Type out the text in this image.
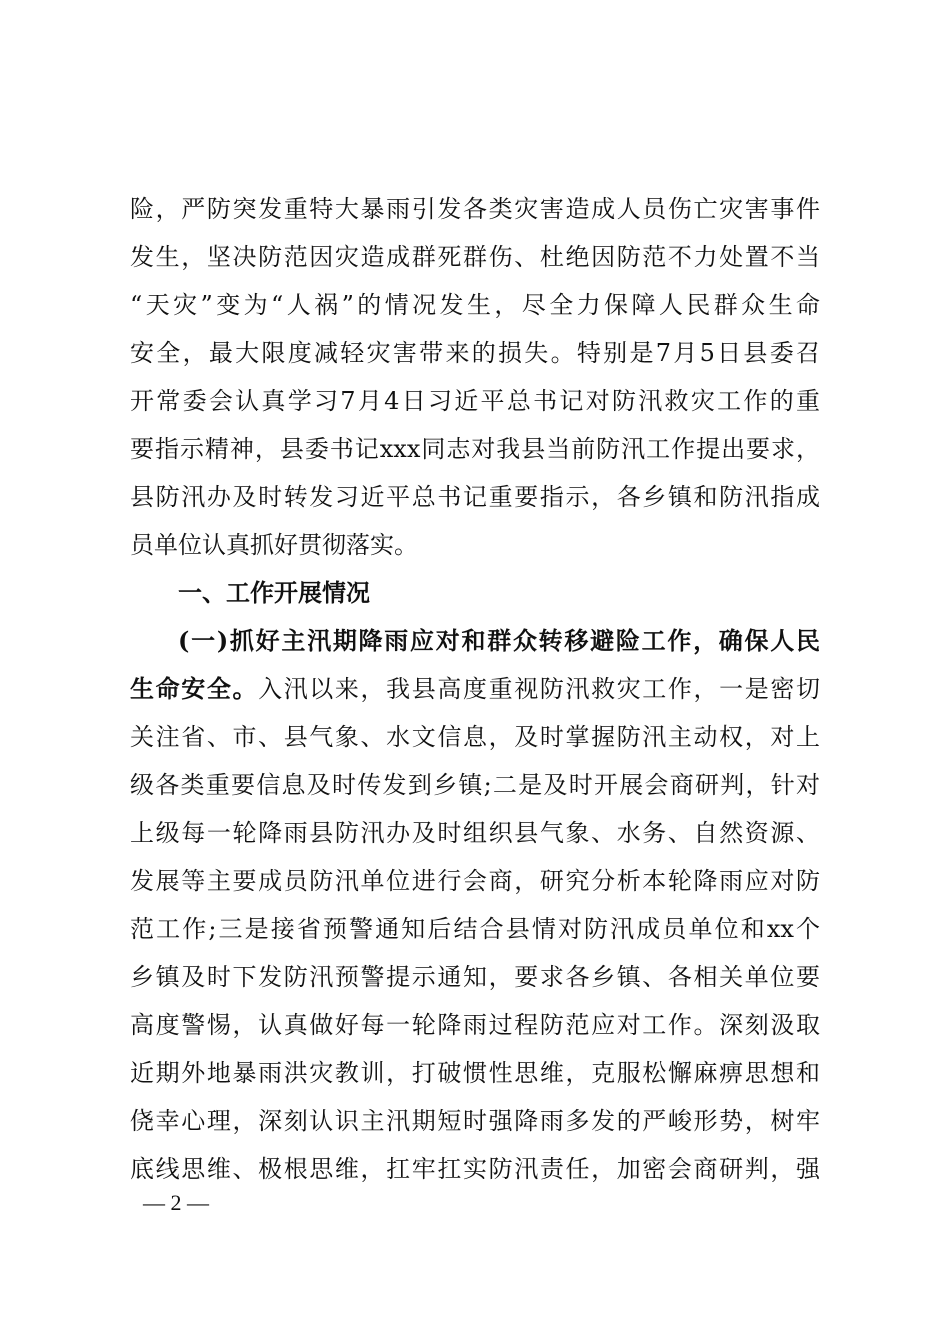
险，严防突发重特大暴雨引发各类灾害造成人员伤亡灾害事件
发生，坚决防范因灾造成群死群伤、杜绝因防范不力处置不当
“天灾”变为“人祸”的情况发生，尽全力保障人民群众生命
安全，最大限度减轻灾害带来的损失。特别是7月5日县委召
开常委会认真学习7月4日习近平总书记对防汛救灾工作的重
要指示精神，县委书记xxx同志对我县当前防汛工作提出要求，
县防汛办及时转发习近平总书记重要指示，各乡镇和防汛指成
员单位认真抓好贯彻落实。
一、工作开展情况
(一)抓好主汛期降雨应对和群众转移避险工作，确保人民
生命安全。入汛以来，我县高度重视防汛救灾工作，一是密切
关注省、市、县气象、水文信息，及时掌握防汛主动权，对上
级各类重要信息及时传发到乡镇;二是及时开展会商研判，针对
上级每一轮降雨县防汛办及时组织县气象、水务、自然资源、
发展等主要成员防汛单位进行会商，研究分析本轮降雨应对防
范工作;三是接省预警通知后结合县情对防汛成员单位和xx个
乡镇及时下发防汛预警提示通知，要求各乡镇、各相关单位要
高度警惕，认真做好每一轮降雨过程防范应对工作。深刻汲取
近期外地暴雨洪灾教训，打破惯性思维，克服松懈麻痹思想和
侥幸心理，深刻认识主汛期短时强降雨多发的严峻形势，树牢
底线思维、极根思维，扛牢扛实防汛责任，加密会商研判，强
— 2 —
